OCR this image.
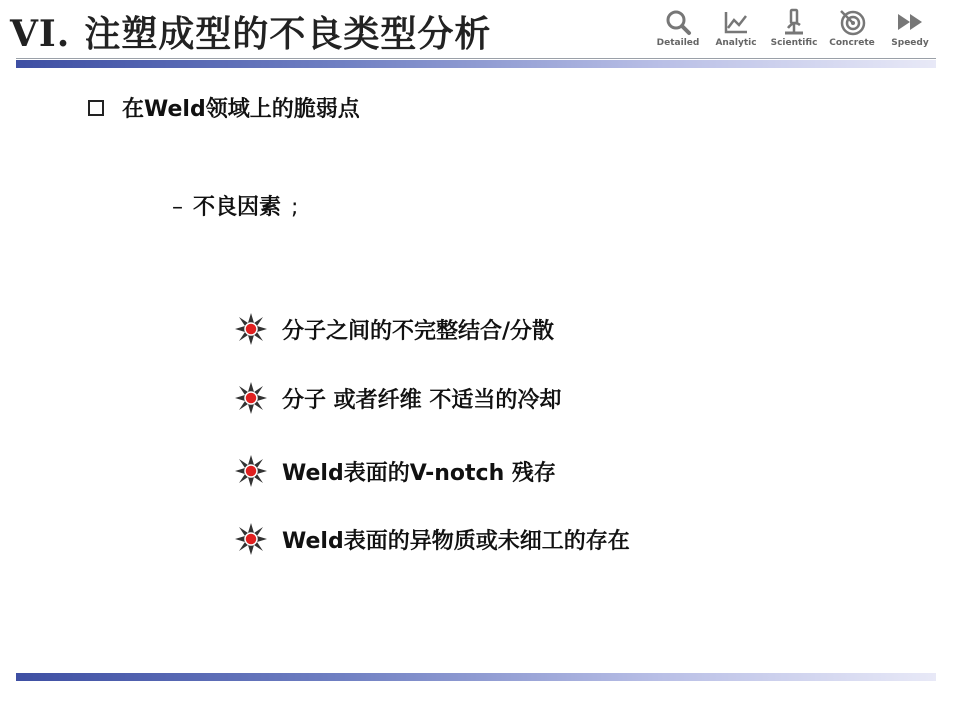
VI. 注塑成型的不良类型分析	Detailed Analytic Scientific Concrete Speedy
在Weld领域上的脆弱点
– 不良因素 ;
分子之间的不完整结合/分散
分子 或者纤维 不适当的冷却
Weld表面的V-notch 残存
Weld表面的异物质或未细工的存在
